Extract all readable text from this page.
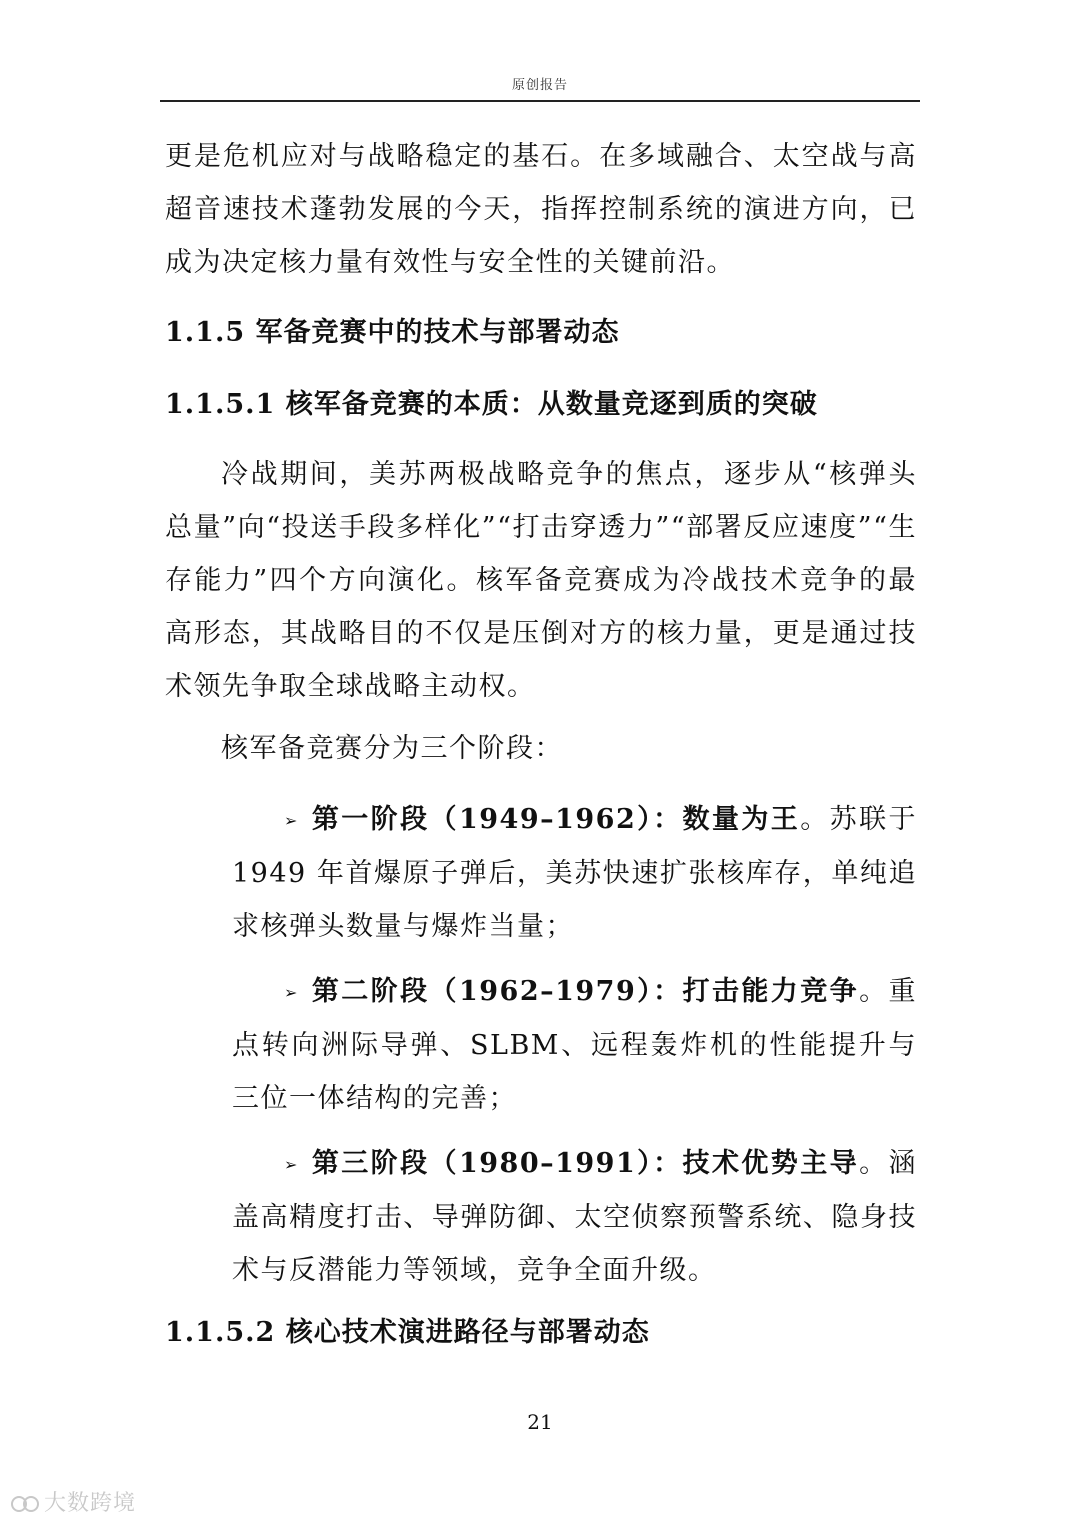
原创报告

更是危机应对与战略稳定的基石。在多域融合、太空战与高超音速技术蓬勃发展的今天，指挥控制系统的演进方向，已成为决定核力量有效性与安全性的关键前沿。

1.1.5 军备竞赛中的技术与部署动态
1.1.5.1 核军备竞赛的本质：从数量竞逐到质的突破

冷战期间，美苏两极战略竞争的焦点，逐步从“核弹头总量”向“投送手段多样化”“打击穿透力”“部署反应速度”“生存能力”四个方向演化。核军备竞赛成为冷战技术竞争的最高形态，其战略目的不仅是压倒对方的核力量，更是通过技术领先争取全球战略主动权。

核军备竞赛分为三个阶段：

➢ 第一阶段（1949–1962）：数量为王。苏联于 1949 年首爆原子弹后，美苏快速扩张核库存，单纯追求核弹头数量与爆炸当量；

➢ 第二阶段（1962–1979）：打击能力竞争。重点转向洲际导弹、SLBM、远程轰炸机的性能提升与三位一体结构的完善；

➢ 第三阶段（1980–1991）：技术优势主导。涵盖高精度打击、导弹防御、太空侦察预警系统、隐身技术与反潜能力等领域，竞争全面升级。

1.1.5.2 核心技术演进路径与部署动态
21
大数跨境
